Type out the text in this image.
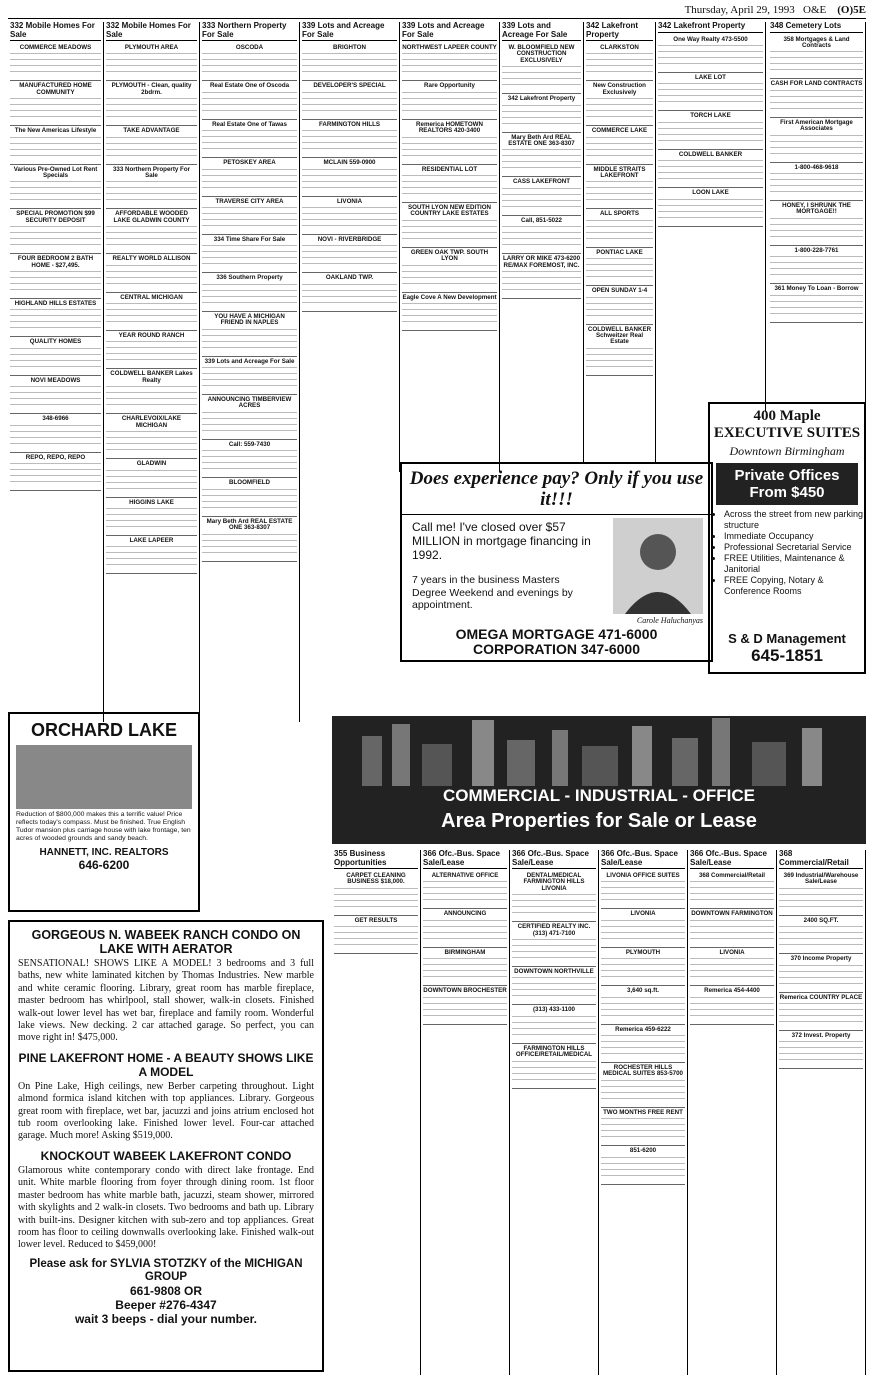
Thursday, April 29, 1993 O&E (O)5E
332 Mobile Homes For Sale
COMMERCE MEADOWS
MANUFACTURED HOME COMMUNITY
The New Americas Lifestyle
Various Pre-Owned Lot Rent Specials
SPECIAL PROMOTION $99 SECURITY DEPOSIT
FOUR BEDROOM 2 BATH HOME - $27,495.
HIGHLAND HILLS ESTATES
QUALITY HOMES
NOVI MEADOWS
348-6966
REPO, REPO, REPO
332 Mobile Homes For Sale
PLYMOUTH AREA
PLYMOUTH - Clean, quality 2bdrm.
TAKE ADVANTAGE
333 Northern Property For Sale
AFFORDABLE WOODED LAKE GLADWIN COUNTY
REALTY WORLD ALLISON
CENTRAL MICHIGAN
YEAR ROUND RANCH
COLDWELL BANKER Lakes Realty
CHARLEVOIX/LAKE MICHIGAN
GLADWIN
HIGGINS LAKE
LAKE LAPEER
333 Northern Property For Sale
OSCODA
Real Estate One of Oscoda
Real Estate One of Tawas
PETOSKEY AREA
TRAVERSE CITY AREA
334 Time Share For Sale
336 Southern Property
YOU HAVE A MICHIGAN FRIEND IN NAPLES
339 Lots and Acreage For Sale
ANNOUNCING TIMBERVIEW ACRES
Call: 559-7430
BLOOMFIELD
Mary Beth Ard REAL ESTATE ONE 363-8307
339 Lots and Acreage For Sale
BRIGHTON
DEVELOPER'S SPECIAL
FARMINGTON HILLS
MCLAIN 559-0900
LIVONIA
NOVI - RIVERBRIDGE
OAKLAND TWP.
339 Lots and Acreage For Sale
NORTHWEST LAPEER COUNTY
Rare Opportunity
Remerica HOMETOWN REALTORS 420-3400
RESIDENTIAL LOT
SOUTH LYON NEW EDITION COUNTRY LAKE ESTATES
GREEN OAK TWP. SOUTH LYON
Eagle Cove A New Development
339 Lots and Acreage For Sale
W. BLOOMFIELD NEW CONSTRUCTION EXCLUSIVELY
342 Lakefront Property
Mary Beth Ard REAL ESTATE ONE 363-8307
CASS LAKEFRONT
Call, 851-5022
LARRY OR MIKE 473-6200 RE/MAX FOREMOST, INC.
342 Lakefront Property
CLARKSTON
New Construction Exclusively
COMMERCE LAKE
MIDDLE STRAITS LAKEFRONT
ALL SPORTS
PONTIAC LAKE
OPEN SUNDAY 1-4
COLDWELL BANKER Schweitzer Real Estate
342 Lakefront Property
One Way Realty 473-5500
LAKE LOT
TORCH LAKE
COLDWELL BANKER
LOON LAKE
348 Cemetery Lots
358 Mortgages & Land Contracts
CASH FOR LAND CONTRACTS
First American Mortgage Associates
1-800-468-9618
HONEY, I SHRUNK THE MORTGAGE!!
1-800-228-7761
361 Money To Loan - Borrow
Does experience pay? Only if you use it!!!
Call me! I've closed over $57 MILLION in mortgage financing in 1992.
7 years in the business Masters Degree Weekend and evenings by appointment.
Carole Haluchanyas
OMEGA MORTGAGE 471-6000
CORPORATION 347-6000
400 Maple EXECUTIVE SUITES
Downtown Birmingham
Private Offices From $450
• Across the street from new parking structure
• Immediate Occupancy
• Professional Secretarial Service
• FREE Utilities, Maintenance & Janitorial
• FREE Copying, Notary & Conference Rooms
S & D Management
645-1851
ORCHARD LAKE
Reduction of $800,000 makes this a terrific value! Price reflects today's compass. Must be finished. True English Tudor mansion plus carriage house with lake frontage, ten acres of wooded grounds and sandy beach.
HANNETT, INC. REALTORS
646-6200
COMMERCIAL - INDUSTRIAL - OFFICE
Area Properties for Sale or Lease
GORGEOUS N. WABEEK RANCH CONDO ON LAKE WITH AERATOR
SENSATIONAL! SHOWS LIKE A MODEL! 3 bedrooms and 3 full baths, new white laminated kitchen by Thomas Industries. New marble and white ceramic flooring. Library, great room has marble fireplace, master bedroom has whirlpool, stall shower, walk-in closets. Finished walk-out lower level has wet bar, fireplace and family room. Wonderful lake views. New decking. 2 car attached garage. So perfect, you can move right in! $475,000.
PINE LAKEFRONT HOME - A BEAUTY SHOWS LIKE A MODEL
On Pine Lake, High ceilings, new Berber carpeting throughout. Light almond formica island kitchen with top appliances. Library. Gorgeous great room with fireplace, wet bar, jacuzzi and joins atrium enclosed hot tub room overlooking lake. Finished lower level. Four-car attached garage. Much more! Asking $519,000.
KNOCKOUT WABEEK LAKEFRONT CONDO
Glamorous white contemporary condo with direct lake frontage. End unit. White marble flooring from foyer through dining room. 1st floor master bedroom has white marble bath, jacuzzi, steam shower, mirrored with skylights and 2 walk-in closets. Two bedrooms and bath up. Library with built-ins. Designer kitchen with sub-zero and top appliances. Great room has floor to ceiling downwalls overlooking lake. Finished walk-out lower level. Reduced to $459,000!
Please ask for SYLVIA STOTZKY of the MICHIGAN GROUP
661-9808 OR
Beeper #276-4347
wait 3 beeps - dial your number.
355 Business Opportunities
CARPET CLEANING BUSINESS $18,000.
GET RESULTS
366 Ofc.-Bus. Space Sale/Lease
ALTERNATIVE OFFICE
ANNOUNCING
BIRMINGHAM
DOWNTOWN BROCHESTER
366 Ofc.-Bus. Space Sale/Lease
DENTAL/MEDICAL FARMINGTON HILLS LIVONIA
CERTIFIED REALTY INC. (313) 471-7100
DOWNTOWN NORTHVILLE
(313) 433-1100
FARMINGTON HILLS OFFICE/RETAIL/MEDICAL
366 Ofc.-Bus. Space Sale/Lease
LIVONIA OFFICE SUITES
LIVONIA
PLYMOUTH
3,640 sq.ft.
Remerica 459-6222
ROCHESTER HILLS MEDICAL SUITES 853-5700
TWO MONTHS FREE RENT
851-6200
366 Ofc.-Bus. Space Sale/Lease
368 Commercial/Retail
DOWNTOWN FARMINGTON
LIVONIA
Remerica 454-4400
368 Commercial/Retail
369 Industrial/Warehouse Sale/Lease
2400 SQ.FT.
370 Income Property
Remerica COUNTRY PLACE
372 Invest. Property
